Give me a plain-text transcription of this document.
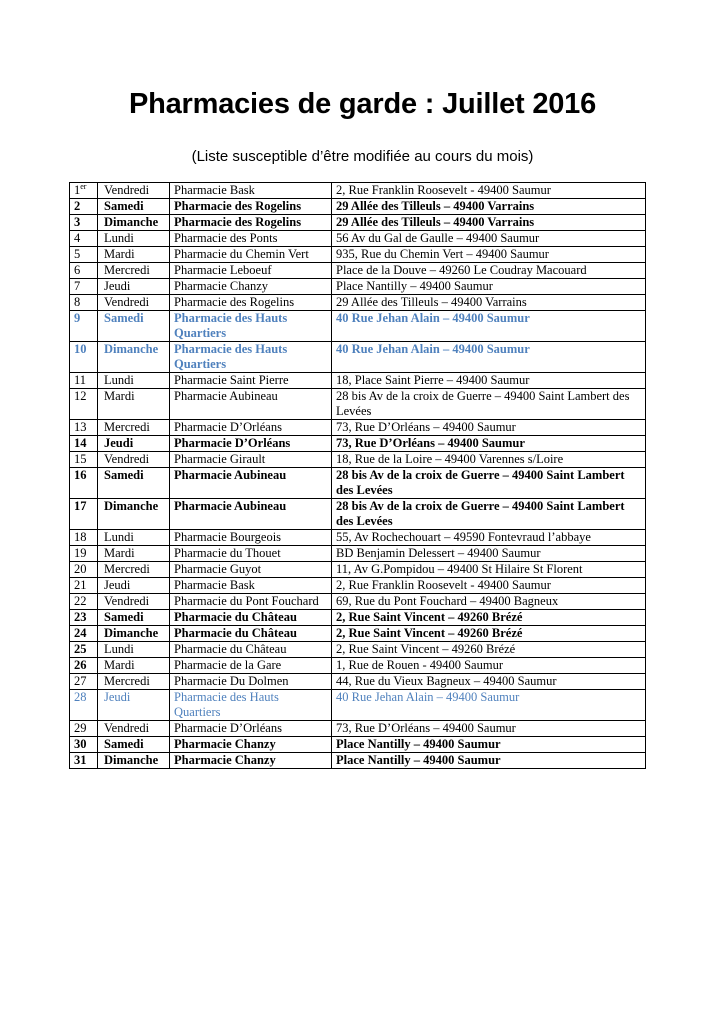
Pharmacies de garde : Juillet 2016

(Liste susceptible d’être modifiée au cours du mois)

1er	Vendredi	Pharmacie Bask	2, Rue Franklin Roosevelt - 49400 Saumur
2	Samedi	Pharmacie des Rogelins	29 Allée des Tilleuls – 49400 Varrains
3	Dimanche	Pharmacie des Rogelins	29 Allée des Tilleuls – 49400 Varrains
4	Lundi	Pharmacie des Ponts	56 Av du Gal de Gaulle – 49400 Saumur
5	Mardi	Pharmacie du Chemin Vert	935, Rue du Chemin Vert – 49400 Saumur
6	Mercredi	Pharmacie Leboeuf	Place de la Douve – 49260 Le Coudray Macouard
7	Jeudi	Pharmacie Chanzy	Place Nantilly – 49400 Saumur
8	Vendredi	Pharmacie des Rogelins	29 Allée des Tilleuls – 49400 Varrains
9	Samedi	Pharmacie des Hauts Quartiers	40 Rue Jehan Alain – 49400 Saumur
10	Dimanche	Pharmacie des Hauts Quartiers	40 Rue Jehan Alain – 49400 Saumur
11	Lundi	Pharmacie Saint Pierre	18, Place Saint Pierre – 49400 Saumur
12	Mardi	Pharmacie Aubineau	28 bis Av de la croix de Guerre – 49400 Saint Lambert des Levées
13	Mercredi	Pharmacie D’Orléans	73, Rue D’Orléans – 49400 Saumur
14	Jeudi	Pharmacie D’Orléans	73, Rue D’Orléans – 49400 Saumur
15	Vendredi	Pharmacie Girault	18, Rue de la Loire – 49400 Varennes s/Loire
16	Samedi	Pharmacie Aubineau	28 bis Av de la croix de Guerre – 49400 Saint Lambert des Levées
17	Dimanche	Pharmacie Aubineau	28 bis Av de la croix de Guerre – 49400 Saint Lambert des Levées
18	Lundi	Pharmacie Bourgeois	55, Av Rochechouart – 49590 Fontevraud l’abbaye
19	Mardi	Pharmacie du Thouet	BD Benjamin Delessert – 49400 Saumur
20	Mercredi	Pharmacie Guyot	11, Av G.Pompidou – 49400 St Hilaire St Florent
21	Jeudi	Pharmacie Bask	2, Rue Franklin Roosevelt - 49400 Saumur
22	Vendredi	Pharmacie du Pont Fouchard	69, Rue du Pont Fouchard – 49400 Bagneux
23	Samedi	Pharmacie du Château	2, Rue Saint Vincent – 49260 Brézé
24	Dimanche	Pharmacie du Château	2, Rue Saint Vincent – 49260 Brézé
25	Lundi	Pharmacie du Château	2, Rue Saint Vincent – 49260 Brézé
26	Mardi	Pharmacie de la Gare	1, Rue de Rouen - 49400 Saumur
27	Mercredi	Pharmacie Du Dolmen	44, Rue du Vieux Bagneux – 49400 Saumur
28	Jeudi	Pharmacie des Hauts Quartiers	40 Rue Jehan Alain – 49400 Saumur
29	Vendredi	Pharmacie D’Orléans	73, Rue D’Orléans – 49400 Saumur
30	Samedi	Pharmacie Chanzy	Place Nantilly – 49400 Saumur
31	Dimanche	Pharmacie Chanzy	Place Nantilly – 49400 Saumur
